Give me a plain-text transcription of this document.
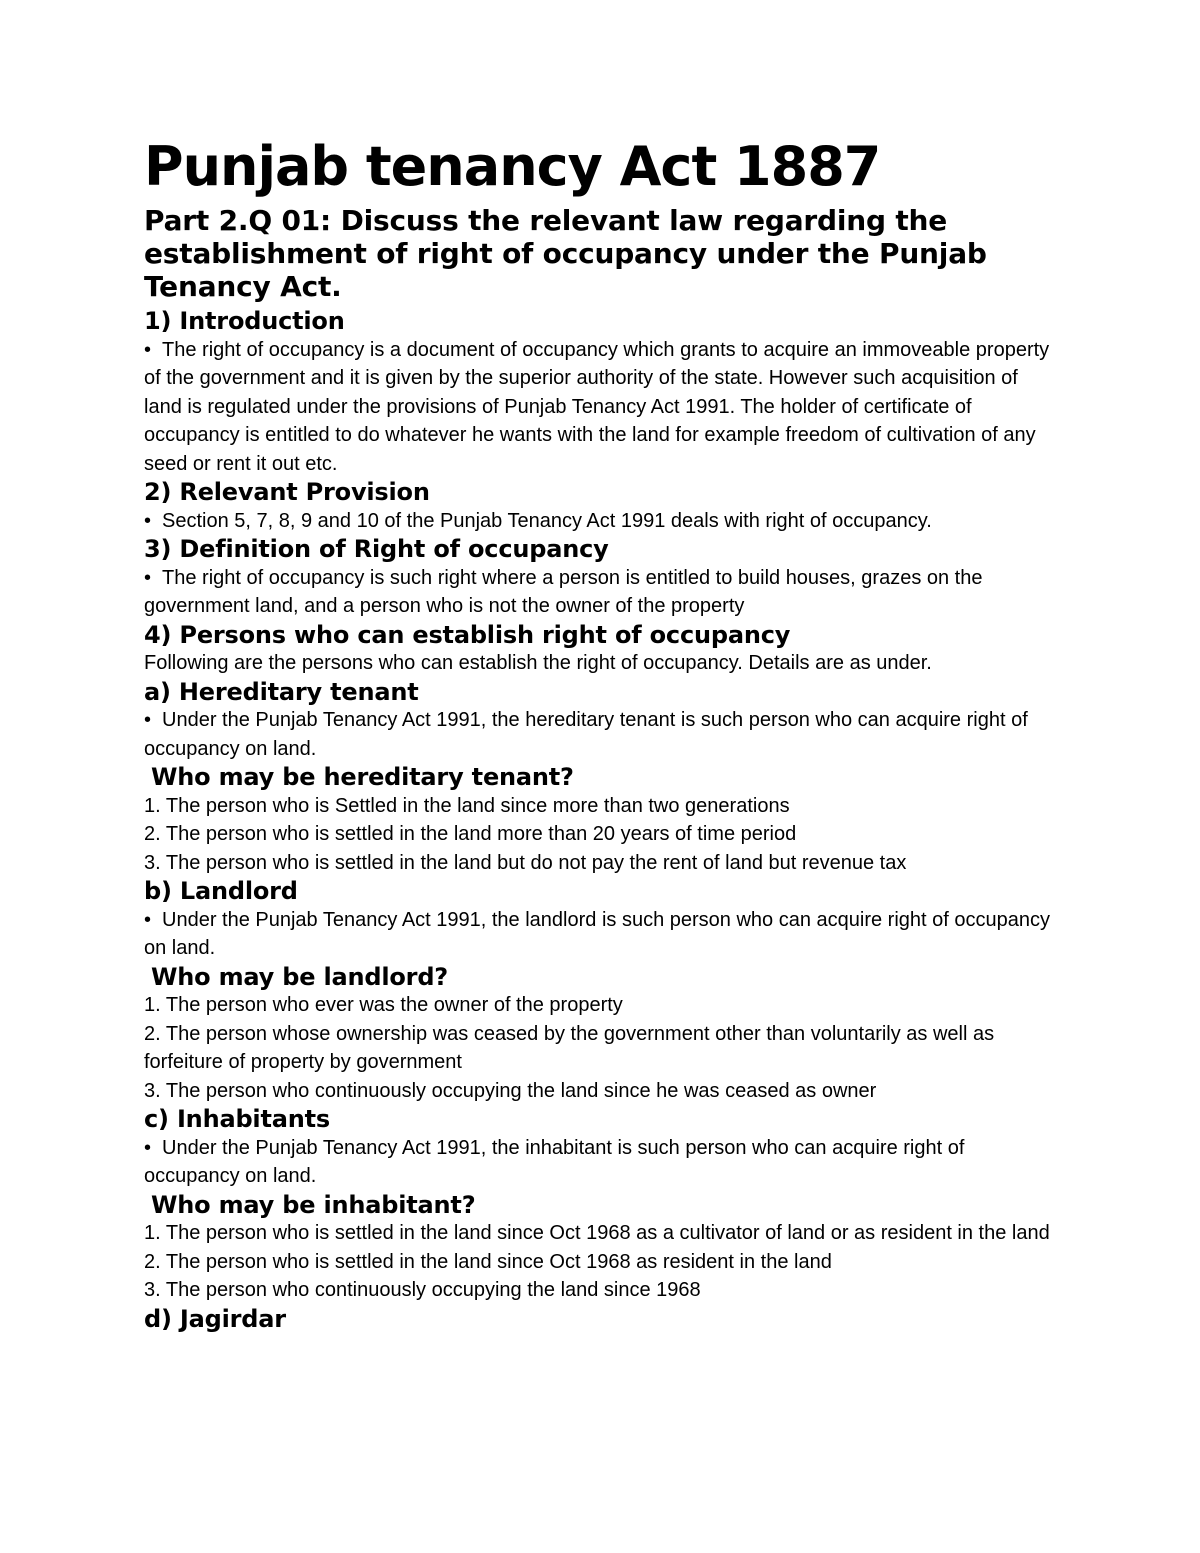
Punjab tenancy Act 1887
Part 2.Q 01: Discuss the relevant law regarding the establishment of right of occupancy under the Punjab Tenancy Act.
1) Introduction

• The right of occupancy is a document of occupancy which grants to acquire an immoveable property of the government and it is given by the superior authority of the state. However such acquisition of land is regulated under the provisions of Punjab Tenancy Act 1991. The holder of certificate of occupancy is entitled to do whatever he wants with the land for example freedom of cultivation of any seed or rent it out etc.

2) Relevant Provision

• Section 5, 7, 8, 9 and 10 of the Punjab Tenancy Act 1991 deals with right of occupancy.

3) Definition of Right of occupancy

• The right of occupancy is such right where a person is entitled to build houses, grazes on the government land, and a person who is not the owner of the property

4) Persons who can establish right of occupancy

Following are the persons who can establish the right of occupancy. Details are as under.

a) Hereditary tenant

• Under the Punjab Tenancy Act 1991, the hereditary tenant is such person who can acquire right of occupancy on land.

Who may be hereditary tenant?

1. The person who is Settled in the land since more than two generations

2. The person who is settled in the land more than 20 years of time period

3. The person who is settled in the land but do not pay the rent of land but revenue tax

b) Landlord

• Under the Punjab Tenancy Act 1991, the landlord is such person who can acquire right of occupancy on land.

Who may be landlord?

1. The person who ever was the owner of the property

2. The person whose ownership was ceased by the government other than voluntarily as well as forfeiture of property by government

3. The person who continuously occupying the land since he was ceased as owner

c) Inhabitants

• Under the Punjab Tenancy Act 1991, the inhabitant is such person who can acquire right of occupancy on land.

Who may be inhabitant?

1. The person who is settled in the land since Oct 1968 as a cultivator of land or as resident in the land

2. The person who is settled in the land since Oct 1968 as resident in the land

3. The person who continuously occupying the land since 1968

d) Jagirdar
